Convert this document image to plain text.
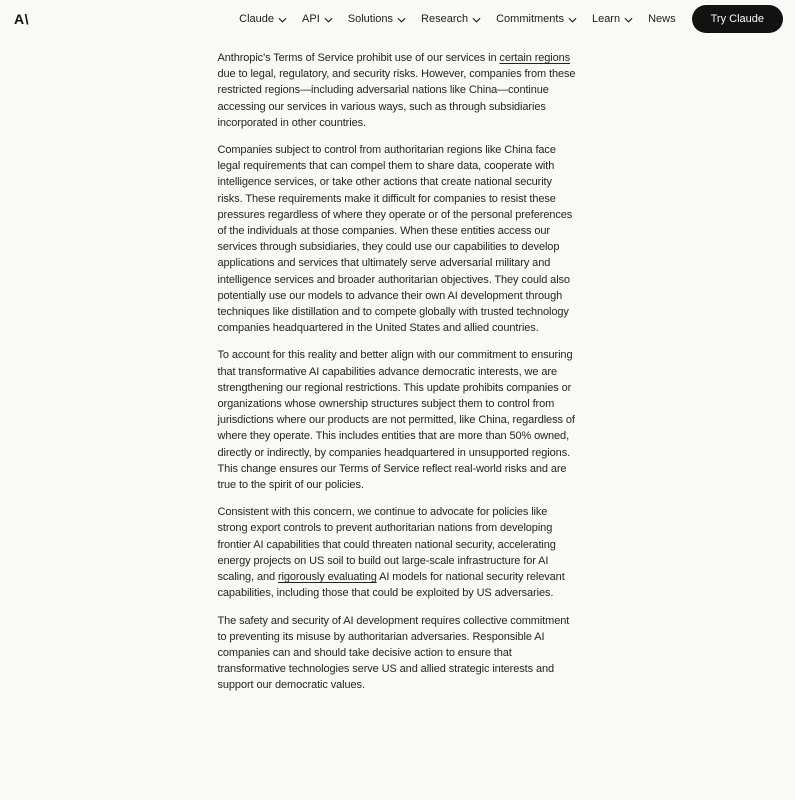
A\	Claude	API	Solutions	Research	Commitments	Learn	News	Try Claude

Anthropic's Terms of Service prohibit use of our services in certain regions due to legal, regulatory, and security risks. However, companies from these restricted regions—including adversarial nations like China—continue accessing our services in various ways, such as through subsidiaries incorporated in other countries.

Companies subject to control from authoritarian regions like China face legal requirements that can compel them to share data, cooperate with intelligence services, or take other actions that create national security risks. These requirements make it difficult for companies to resist these pressures regardless of where they operate or of the personal preferences of the individuals at those companies. When these entities access our services through subsidiaries, they could use our capabilities to develop applications and services that ultimately serve adversarial military and intelligence services and broader authoritarian objectives. They could also potentially use our models to advance their own AI development through techniques like distillation and to compete globally with trusted technology companies headquartered in the United States and allied countries.

To account for this reality and better align with our commitment to ensuring that transformative AI capabilities advance democratic interests, we are strengthening our regional restrictions. This update prohibits companies or organizations whose ownership structures subject them to control from jurisdictions where our products are not permitted, like China, regardless of where they operate. This includes entities that are more than 50% owned, directly or indirectly, by companies headquartered in unsupported regions. This change ensures our Terms of Service reflect real-world risks and are true to the spirit of our policies.

Consistent with this concern, we continue to advocate for policies like strong export controls to prevent authoritarian nations from developing frontier AI capabilities that could threaten national security, accelerating energy projects on US soil to build out large-scale infrastructure for AI scaling, and rigorously evaluating AI models for national security relevant capabilities, including those that could be exploited by US adversaries.

The safety and security of AI development requires collective commitment to preventing its misuse by authoritarian adversaries. Responsible AI companies can and should take decisive action to ensure that transformative technologies serve US and allied strategic interests and support our democratic values.
